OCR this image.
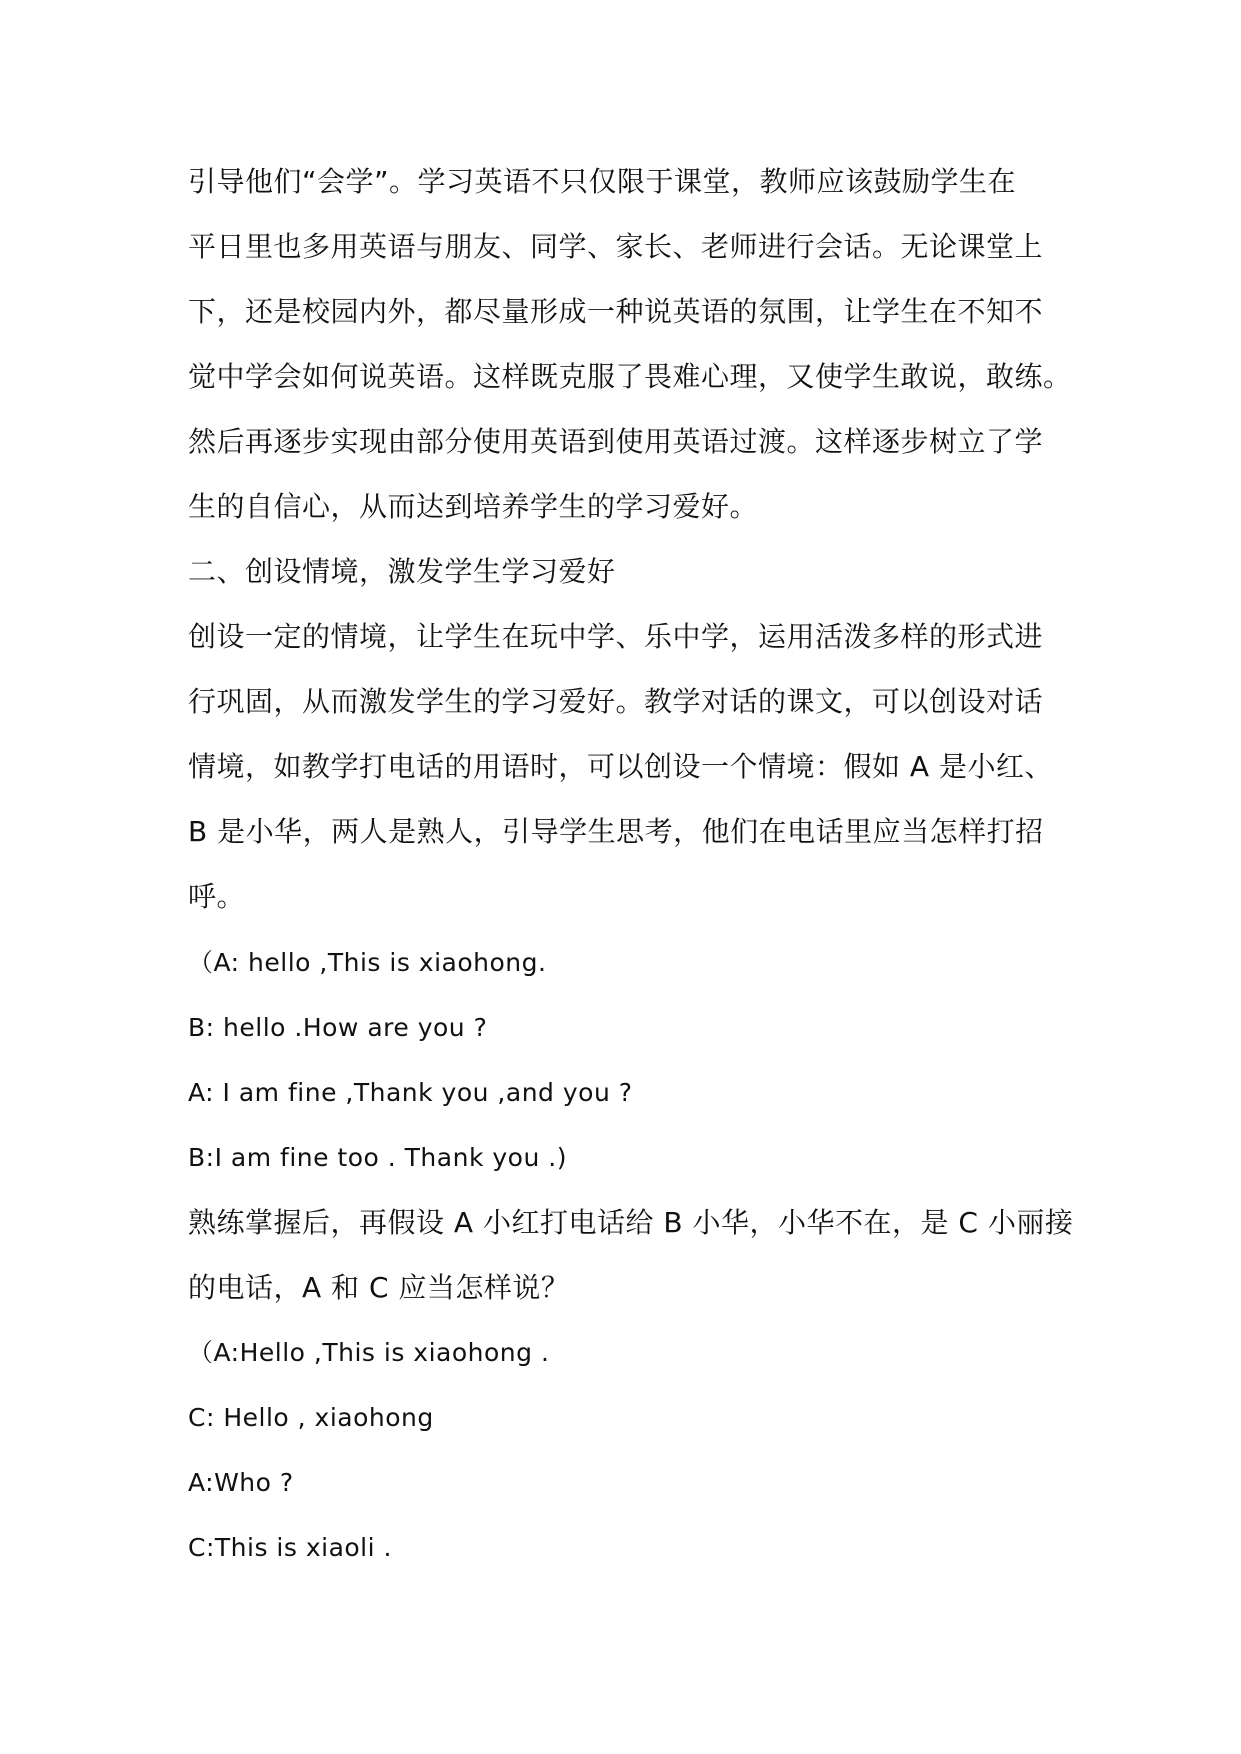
引导他们“会学”。学习英语不只仅限于课堂，教师应该鼓励学生在
平日里也多用英语与朋友、同学、家长、老师进行会话。无论课堂上
下，还是校园内外，都尽量形成一种说英语的氛围，让学生在不知不
觉中学会如何说英语。这样既克服了畏难心理，又使学生敢说，敢练。
然后再逐步实现由部分使用英语到使用英语过渡。这样逐步树立了学
生的自信心，从而达到培养学生的学习爱好。
二、创设情境，激发学生学习爱好
创设一定的情境，让学生在玩中学、乐中学，运用活泼多样的形式进
行巩固，从而激发学生的学习爱好。教学对话的课文，可以创设对话
情境，如教学打电话的用语时，可以创设一个情境：假如 A 是小红、
B 是小华，两人是熟人，引导学生思考，他们在电话里应当怎样打招
呼。
（A: hello ,This is xiaohong.
B: hello .How are you ?
A: I am fine ,Thank you ,and you ?
B:I am fine too . Thank you .)
熟练掌握后，再假设 A 小红打电话给 B 小华，小华不在，是 C 小丽接
的电话，A 和 C 应当怎样说？
（A:Hello ,This is xiaohong .
C: Hello , xiaohong
A:Who ?
C:This is xiaoli .
